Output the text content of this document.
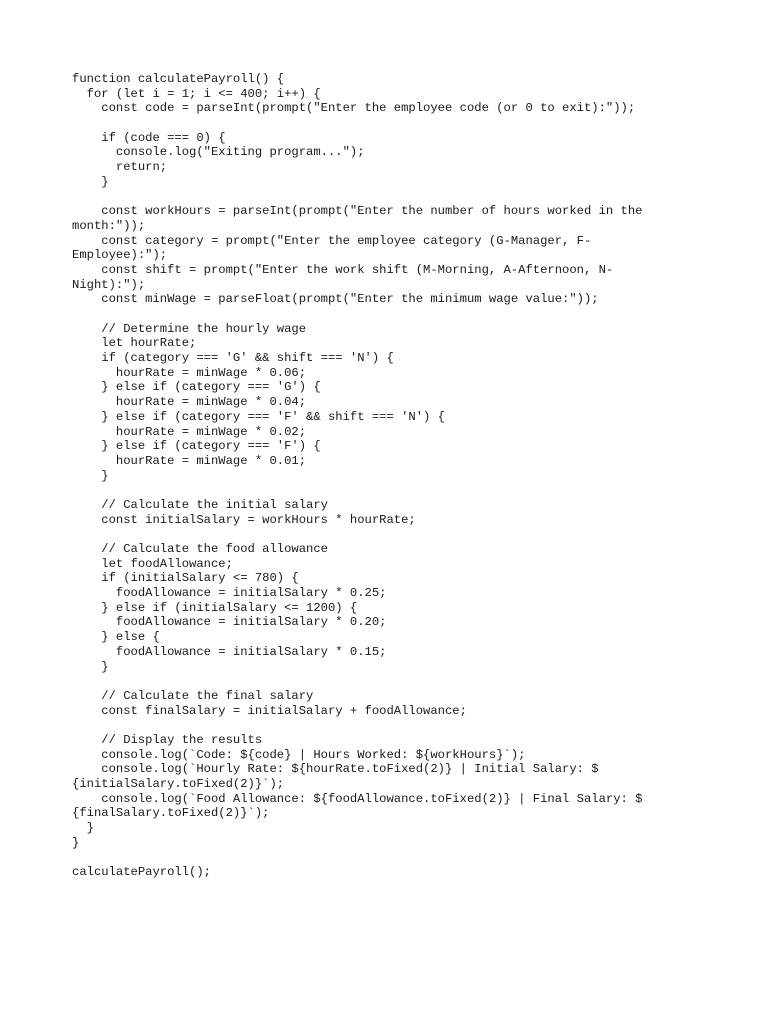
function calculatePayroll() {
for (let i = 1; i <= 400; i++) {
const code = parseInt(prompt("Enter the employee code (or 0 to exit):"));
if (code === 0) {
console.log("Exiting program...");
return;
}
const workHours = parseInt(prompt("Enter the number of hours worked in the
month:"));
const category = prompt("Enter the employee category (G-Manager, F-
Employee):");
const shift = prompt("Enter the work shift (M-Morning, A-Afternoon, N-
Night):");
const minWage = parseFloat(prompt("Enter the minimum wage value:"));
// Determine the hourly wage
let hourRate;
if (category === 'G' && shift === 'N') {
hourRate = minWage * 0.06;
} else if (category === 'G') {
hourRate = minWage * 0.04;
} else if (category === 'F' && shift === 'N') {
hourRate = minWage * 0.02;
} else if (category === 'F') {
hourRate = minWage * 0.01;
}
// Calculate the initial salary
const initialSalary = workHours * hourRate;
// Calculate the food allowance
let foodAllowance;
if (initialSalary <= 780) {
foodAllowance = initialSalary * 0.25;
} else if (initialSalary <= 1200) {
foodAllowance = initialSalary * 0.20;
} else {
foodAllowance = initialSalary * 0.15;
}
// Calculate the final salary
const finalSalary = initialSalary + foodAllowance;
// Display the results
console.log(`Code: ${code} | Hours Worked: ${workHours}`);
console.log(`Hourly Rate: ${hourRate.toFixed(2)} | Initial Salary: $
{initialSalary.toFixed(2)}`);
console.log(`Food Allowance: ${foodAllowance.toFixed(2)} | Final Salary: $
{finalSalary.toFixed(2)}`);
}
}
calculatePayroll();
